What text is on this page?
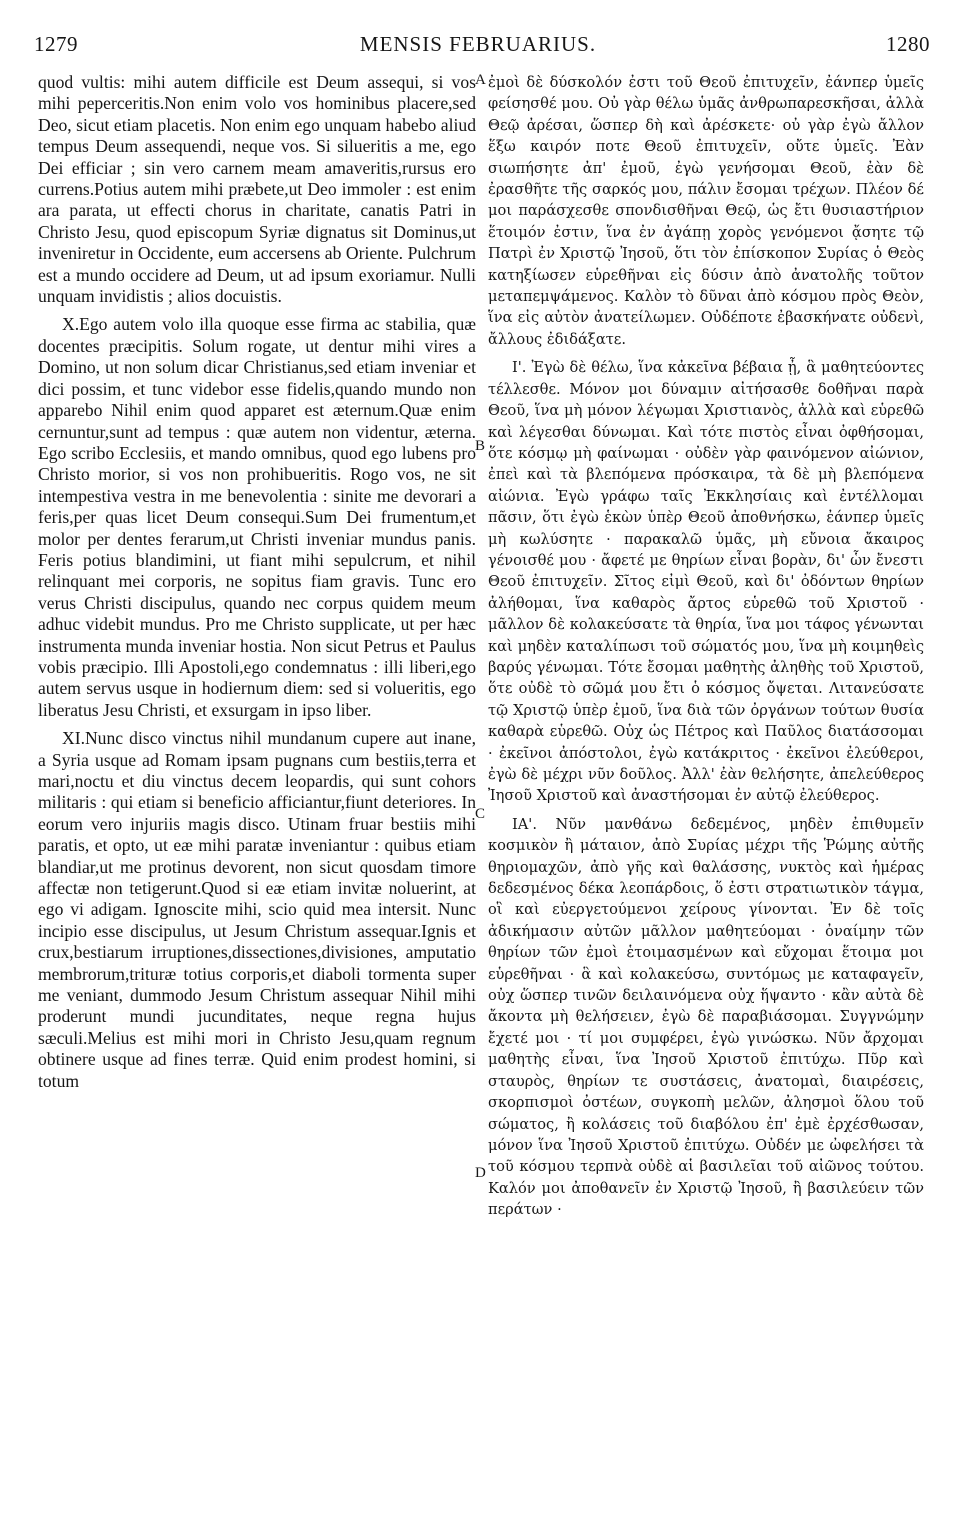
1279	MENSIS FEBRUARIUS.	1280

quod vultis: mihi autem difficile est Deum assequi, si vos mihi peperceritis.Non enim volo vos hominibus placere,sed Deo, sicut etiam placetis. Non enim ego unquam habebo aliud tempus Deum assequendi, neque vos. Si silueritis a me, ego Dei efficiar ; sin vero carnem meam amaveritis,rursus ero currens.Potius autem mihi præbete,ut Deo immoler : est enim ara parata, ut effecti chorus in charitate, canatis Patri in Christo Jesu, quod episcopum Syriæ dignatus sit Dominus,ut inveniretur in Occidente, eum accersens ab Oriente. Pulchrum est a mundo occidere ad Deum, ut ad ipsum exoriamur. Nulli unquam invidistis ; alios docuistis.

X.Ego autem volo illa quoque esse firma ac stabilia, quæ docentes præcipitis. Solum rogate, ut dentur mihi vires a Domino, ut non solum dicar Christianus,sed etiam inveniar et dici possim, et tunc videbor esse fidelis,quando mundo non apparebo Nihil enim quod apparet est æternum.Quæ enim cernuntur,sunt ad tempus : quæ autem non videntur, æterna. Ego scribo Ecclesiis, et mando omnibus, quod ego lubens pro Christo morior, si vos non prohibueritis. Rogo vos, ne sit intempestiva vestra in me benevolentia : sinite me devorari a feris,per quas licet Deum consequi.Sum Dei frumentum,et molor per dentes ferarum,ut Christi inveniar mundus panis. Feris potius blandimini, ut fiant mihi sepulcrum, et nihil relinquant mei corporis, ne sopitus fiam gravis. Tunc ero verus Christi discipulus, quando nec corpus quidem meum adhuc videbit mundus. Pro me Christo supplicate, ut per hæc instrumenta munda inveniar hostia. Non sicut Petrus et Paulus vobis præcipio. Illi Apostoli,ego condemnatus : illi liberi,ego autem servus usque in hodiernum diem: sed si volueritis, ego liberatus Jesu Christi, et exsurgam in ipso liber.

XI.Nunc disco vinctus nihil mundanum cupere aut inane, a Syria usque ad Romam ipsam pugnans cum bestiis,terra et mari,noctu et diu vinctus decem leopardis, qui sunt cohors militaris : qui etiam si beneficio afficiantur,fiunt deteriores. In eorum vero injuriis magis disco. Utinam fruar bestiis mihi paratis, et opto, ut eæ mihi paratæ inveniantur : quibus etiam blandiar,ut me protinus devorent, non sicut quosdam timore affectæ non tetigerunt.Quod si eæ etiam invitæ noluerint, at ego vi adigam. Ignoscite mihi, scio quid mea intersit. Nunc incipio esse discipulus, ut Jesum Christum assequar.Ignis et crux,bestiarum irruptiones,dissectiones,divisiones, amputatio membrorum,trituræ totius corporis,et diaboli tormenta super me veniant, dummodo Jesum Christum assequar Nihil mihi proderunt mundi jucunditates, neque regna hujus sæculi.Melius est mihi mori in Christo Jesu,quam regnum obtinere usque ad fines terræ. Quid enim prodest homini, si totum

ἐμοὶ δὲ δύσκολόν ἐστι τοῦ Θεοῦ ἐπιτυχεῖν, ἐάνπερ ὑμεῖς φείσησθέ μου. Οὐ γὰρ θέλω ὑμᾶς ἀνθρωπαρεσκῆσαι, ἀλλὰ Θεῷ ἀρέσαι, ὥσπερ δὴ καὶ ἀρέσκετε· οὐ γὰρ ἐγὼ ἄλλον ἕξω καιρόν ποτε Θεοῦ ἐπιτυχεῖν, οὔτε ὑμεῖς. Ἐὰν σιωπήσητε ἀπ' ἐμοῦ, ἐγὼ γενήσομαι Θεοῦ, ἐὰν δὲ ἐρασθῆτε τῆς σαρκός μου, πάλιν ἔσομαι τρέχων. Πλέον δέ μοι παράσχεσθε σπονδισθῆναι Θεῷ, ὡς ἔτι θυσιαστήριον ἕτοιμόν ἐστιν, ἵνα ἐν ἀγάπῃ χορὸς γενόμενοι ᾄσητε τῷ Πατρὶ ἐν Χριστῷ Ἰησοῦ, ὅτι τὸν ἐπίσκοπον Συρίας ὁ Θεὸς κατηξίωσεν εὑρεθῆναι εἰς δύσιν ἀπὸ ἀνατολῆς τοῦτον μεταπεμψάμενος. Καλὸν τὸ δῦναι ἀπὸ κόσμου πρὸς Θεὸν, ἵνα εἰς αὐτὸν ἀνατείλωμεν. Οὐδέποτε ἐβασκήνατε οὐδενὶ, ἄλλους ἐδιδάξατε.

Ι'. Ἐγὼ δὲ θέλω, ἵνα κἀκεῖνα βέβαια ᾖ, ἃ μαθητεύοντες τέλλεσθε. Μόνον μοι δύναμιν αἰτήσασθε δοθῆναι παρὰ Θεοῦ, ἵνα μὴ μόνον λέγωμαι Χριστιανὸς, ἀλλὰ καὶ εὑρεθῶ καὶ λέγεσθαι δύνωμαι. Καὶ τότε πιστὸς εἶναι ὀφθήσομαι, ὅτε κόσμῳ μὴ φαίνωμαι · οὐδὲν γὰρ φαινόμενον αἰώνιον, ἐπεὶ καὶ τὰ βλεπόμενα πρόσκαιρα, τὰ δὲ μὴ βλεπόμενα αἰώνια. Ἐγὼ γράφω ταῖς Ἐκκλησίαις καὶ ἐντέλλομαι πᾶσιν, ὅτι ἐγὼ ἑκὼν ὑπὲρ Θεοῦ ἀποθνήσκω, ἐάνπερ ὑμεῖς μὴ κωλύσητε · παρακαλῶ ὑμᾶς, μὴ εὔνοια ἄκαιρος γένοισθέ μου · ἄφετέ με θηρίων εἶναι βορὰν, δι' ὧν ἔνεστι Θεοῦ ἐπιτυχεῖν. Σῖτος εἰμὶ Θεοῦ, καὶ δι' ὀδόντων θηρίων ἀλήθομαι, ἵνα καθαρὸς ἄρτος εὑρεθῶ τοῦ Χριστοῦ · μᾶλλον δὲ κολακεύσατε τὰ θηρία, ἵνα μοι τάφος γένωνται καὶ μηδὲν καταλίπωσι τοῦ σώματός μου, ἵνα μὴ κοιμηθεὶς βαρύς γένωμαι. Τότε ἔσομαι μαθητὴς ἀληθὴς τοῦ Χριστοῦ, ὅτε οὐδὲ τὸ σῶμά μου ἔτι ὁ κόσμος ὄψεται. Λιτανεύσατε τῷ Χριστῷ ὑπὲρ ἐμοῦ, ἵνα διὰ τῶν ὀργάνων τούτων θυσία καθαρὰ εὑρεθῶ. Οὐχ ὡς Πέτρος καὶ Παῦλος διατάσσομαι · ἐκεῖνοι ἀπόστολοι, ἐγὼ κατάκριτος · ἐκεῖνοι ἐλεύθεροι, ἐγὼ δὲ μέχρι νῦν δοῦλος. Ἀλλ' ἐὰν θελήσητε, ἀπελεύθερος Ἰησοῦ Χριστοῦ καὶ ἀναστήσομαι ἐν αὐτῷ ἐλεύθερος.

ΙΑ'. Νῦν μανθάνω δεδεμένος, μηδὲν ἐπιθυμεῖν κοσμικὸν ἢ μάταιον, ἀπὸ Συρίας μέχρι τῆς Ῥώμης αὐτῆς θηριομαχῶν, ἀπὸ γῆς καὶ θαλάσσης, νυκτὸς καὶ ἡμέρας δεδεσμένος δέκα λεοπάρδοις, ὅ ἐστι στρατιωτικὸν τάγμα, οἳ καὶ εὐεργετούμενοι χείρους γίνονται. Ἐν δὲ τοῖς ἀδικήμασιν αὐτῶν μᾶλλον μαθητεύομαι · ὀναίμην τῶν θηρίων τῶν ἐμοὶ ἑτοιμασμένων καὶ εὔχομαι ἕτοιμα μοι εὑρεθῆναι · ἃ καὶ κολακεύσω, συντόμως με καταφαγεῖν, οὐχ ὥσπερ τινῶν δειλαινόμενα οὐχ ἥψαντο · κἂν αὐτὰ δὲ ἄκοντα μὴ θελήσειεν, ἐγὼ δὲ παραβιάσομαι. Συγγνώμην ἔχετέ μοι · τί μοι συμφέρει, ἐγὼ γινώσκω. Νῦν ἄρχομαι μαθητὴς εἶναι, ἵνα Ἰησοῦ Χριστοῦ ἐπιτύχω. Πῦρ καὶ σταυρὸς, θηρίων τε συστάσεις, ἀνατομαὶ, διαιρέσεις, σκορπισμοὶ ὀστέων, συγκοπὴ μελῶν, ἀλησμοὶ ὅλου τοῦ σώματος, ἢ κολάσεις τοῦ διαβόλου ἐπ' ἐμὲ ἐρχέσθωσαν, μόνον ἵνα Ἰησοῦ Χριστοῦ ἐπιτύχω. Οὐδέν με ὠφελήσει τὰ τοῦ κόσμου τερπνὰ οὐδὲ αἱ βασιλεῖαι τοῦ αἰῶνος τούτου. Καλόν μοι ἀποθανεῖν ἐν Χριστῷ Ἰησοῦ, ἢ βασιλεύειν τῶν περάτων ·

A
B
C
D
